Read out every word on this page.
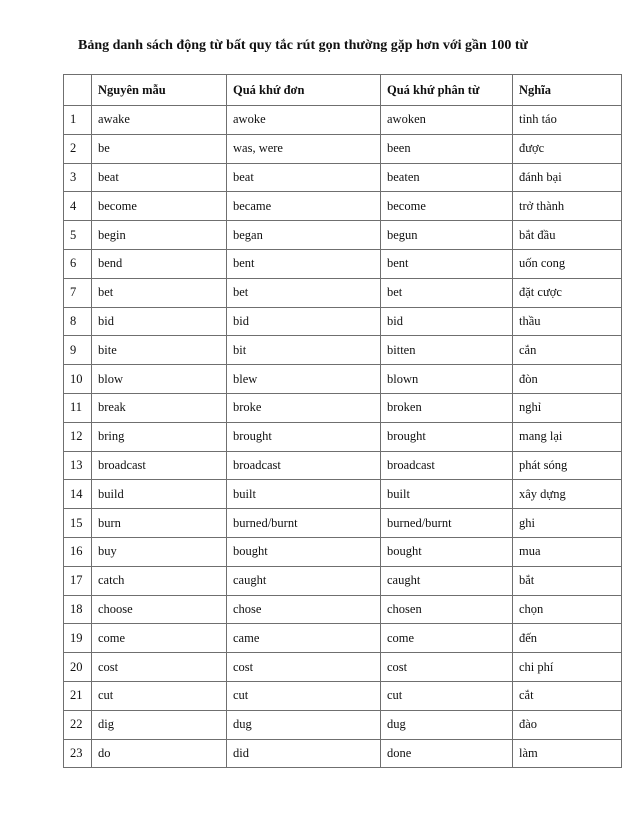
Bảng danh sách động từ bất quy tắc rút gọn thường gặp hơn với gần 100 từ
	Nguyên mẫu	Quá khứ đơn	Quá khứ phân từ	Nghĩa
1	awake	awoke	awoken	tỉnh táo
2	be	was, were	been	được
3	beat	beat	beaten	đánh bại
4	become	became	become	trở thành
5	begin	began	begun	bắt đầu
6	bend	bent	bent	uốn cong
7	bet	bet	bet	đặt cược
8	bid	bid	bid	thầu
9	bite	bit	bitten	cắn
10	blow	blew	blown	đòn
11	break	broke	broken	nghỉ
12	bring	brought	brought	mang lại
13	broadcast	broadcast	broadcast	phát sóng
14	build	built	built	xây dựng
15	burn	burned/burnt	burned/burnt	ghi
16	buy	bought	bought	mua
17	catch	caught	caught	bắt
18	choose	chose	chosen	chọn
19	come	came	come	đến
20	cost	cost	cost	chi phí
21	cut	cut	cut	cắt
22	dig	dug	dug	đào
23	do	did	done	làm
